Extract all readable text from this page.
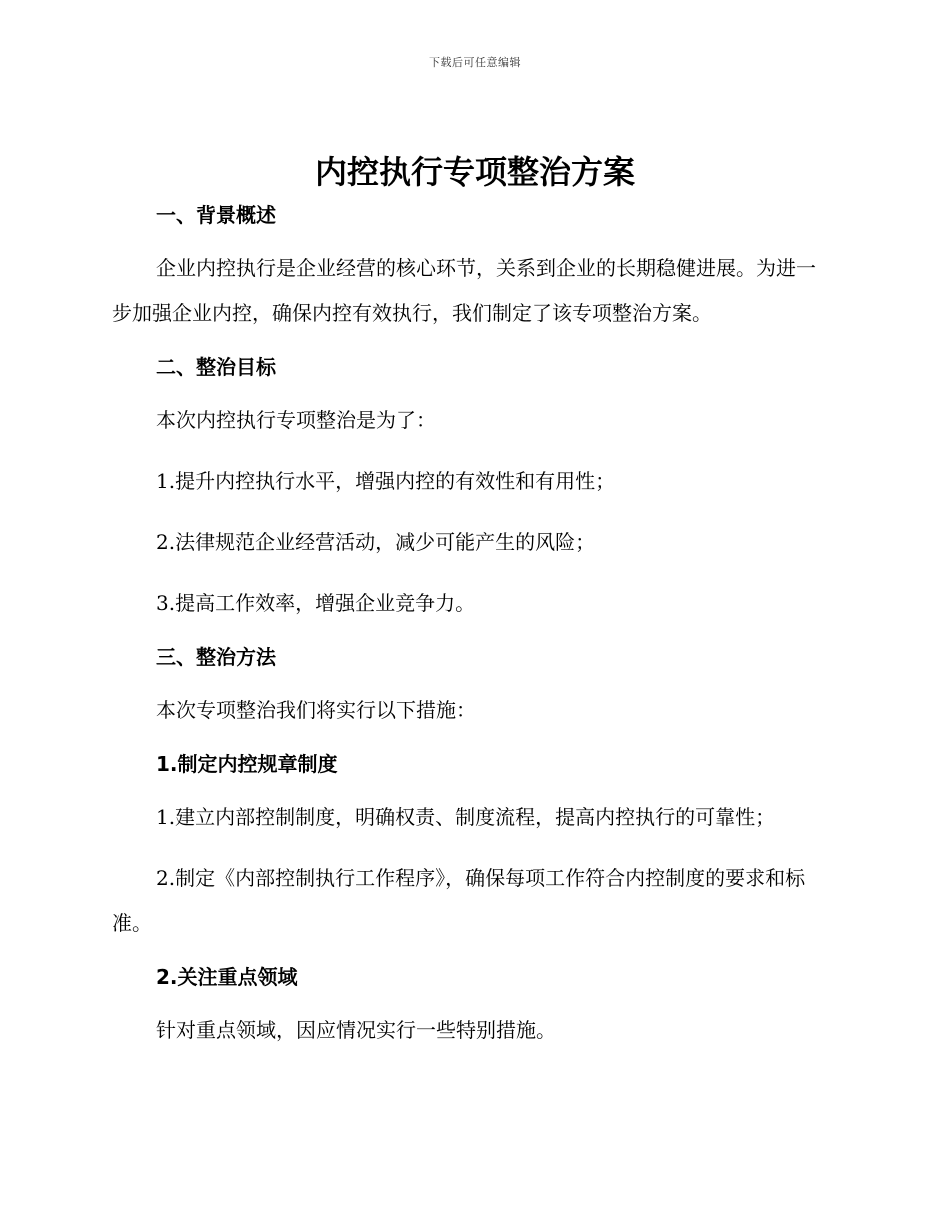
下载后可任意编辑
内控执行专项整治方案
一、背景概述

企业内控执行是企业经营的核心环节，关系到企业的长期稳健进展。为进一步加强企业内控，确保内控有效执行，我们制定了该专项整治方案。

二、整治目标

本次内控执行专项整治是为了：

1.提升内控执行水平，增强内控的有效性和有用性；

2.法律规范企业经营活动，减少可能产生的风险；

3.提高工作效率，增强企业竞争力。

三、整治方法

本次专项整治我们将实行以下措施：

1.制定内控规章制度

1.建立内部控制制度，明确权责、制度流程，提高内控执行的可靠性；

2.制定《内部控制执行工作程序》，确保每项工作符合内控制度的要求和标准。

2.关注重点领域

针对重点领域，因应情况实行一些特别措施。
